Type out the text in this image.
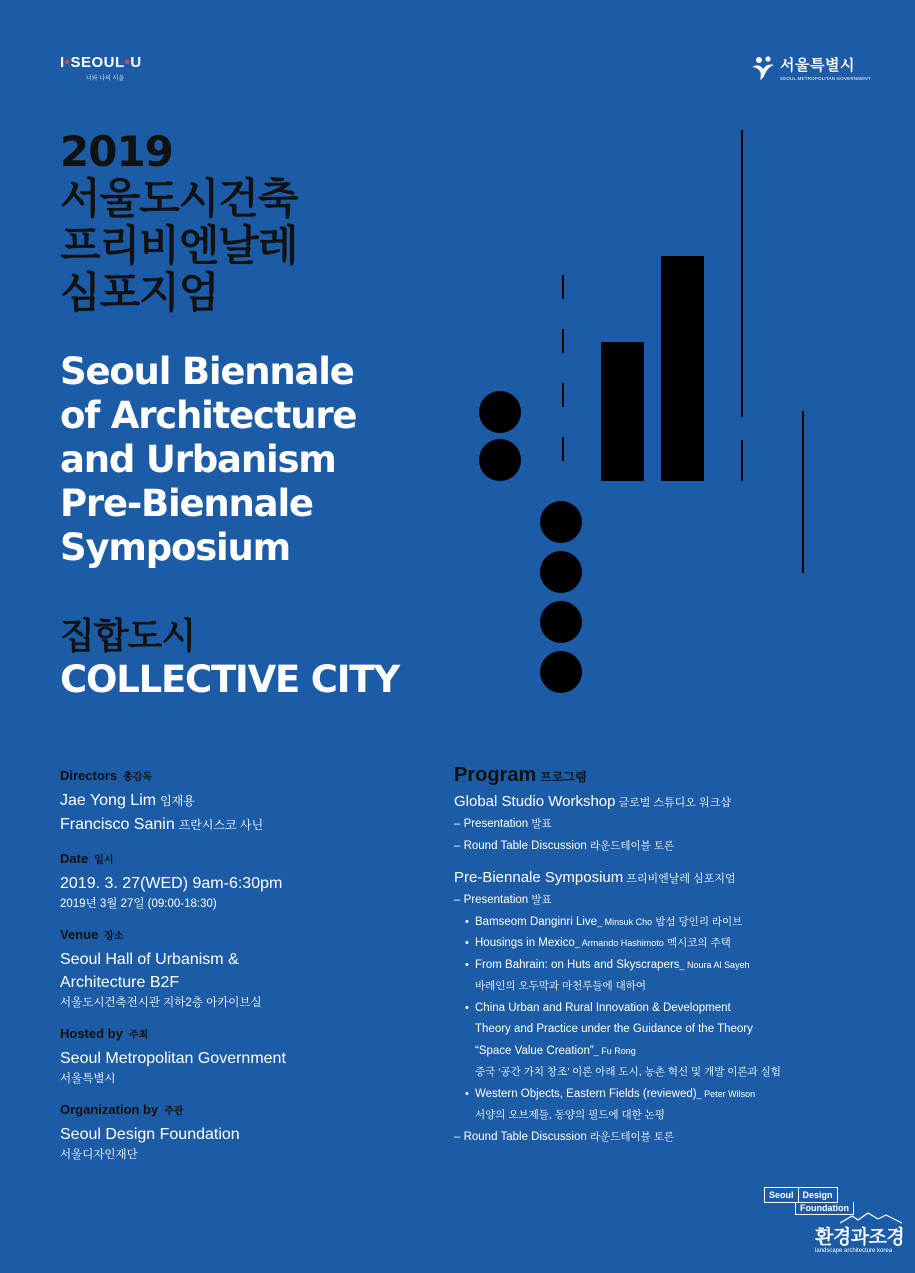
I•SEOUL•U
너와 나의 서울
서울특별시
SEOUL METROPOLITAN GOVERNMENT
2019
서울도시건축
프리비엔날레
심포지엄
Seoul Biennale
of Architecture
and Urbanism
Pre-Biennale
Symposium
집합도시
COLLECTIVE CITY
Directors 총감독
Jae Yong Lim 임재용
Francisco Sanin 프란시스코 사닌
Date 일시
2019. 3. 27(WED) 9am-6:30pm
2019년 3월 27일 (09:00-18:30)
Venue 장소
Seoul Hall of Urbanism &
Architecture B2F
서울도시건축전시관 지하2층 아카이브실
Hosted by 주최
Seoul Metropolitan Government
서울특별시
Organization by 주관
Seoul Design Foundation
서울디자인재단
Program 프로그램
Global Studio Workshop 글로벌 스튜디오 워크샵
– Presentation 발표
– Round Table Discussion 라운드테이블 토론
Pre-Biennale Symposium 프리비엔날레 심포지엄
– Presentation 발표
• Bamseom Danginri Live_ Minsuk Cho 밤섬 당인리 라이브
• Housings in Mexico_ Armando Hashimoto 멕시코의 주택
• From Bahrain: on Huts and Skyscrapers_ Noura Al Sayeh
바레인의 오두막과 마천루들에 대하여
• China Urban and Rural Innovation & Development
Theory and Practice under the Guidance of the Theory
“Space Value Creation”_ Fu Rong
중국 ‘공간 가치 창조’ 이론 아래 도시, 농촌 혁신 및 개발 이론과 실험
• Western Objects, Eastern Fields (reviewed)_ Peter Wilson
서양의 오브제들, 동양의 필드에 대한 논평
– Round Table Discussion 라운드테이블 토론
Seoul	Design
Foundation
환경과조경
landscape architecture korea
